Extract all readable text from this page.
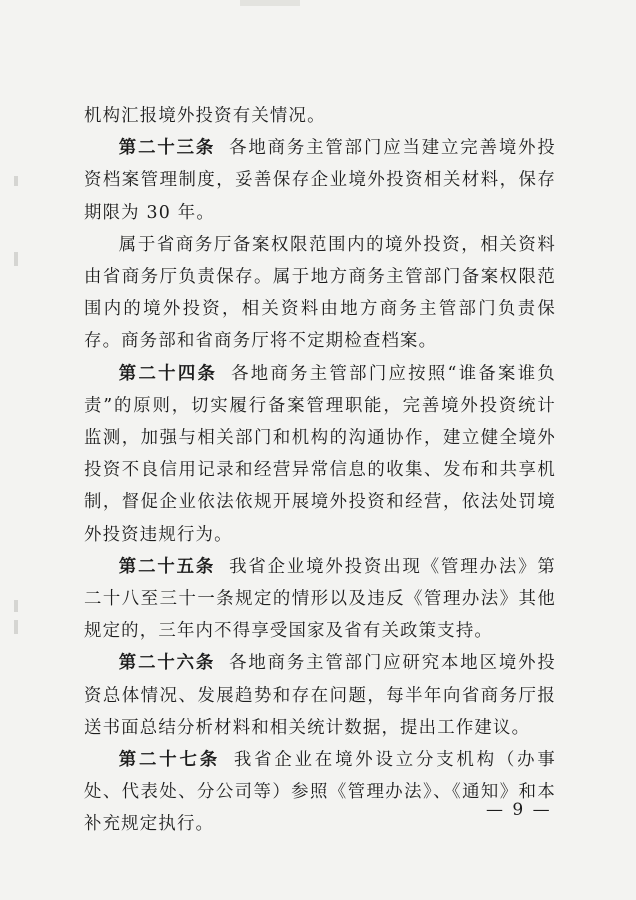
机构汇报境外投资有关情况。

第二十三条 各地商务主管部门应当建立完善境外投资档案管理制度，妥善保存企业境外投资相关材料，保存期限为 30 年。

属于省商务厅备案权限范围内的境外投资，相关资料由省商务厅负责保存。属于地方商务主管部门备案权限范围内的境外投资，相关资料由地方商务主管部门负责保存。商务部和省商务厅将不定期检查档案。

第二十四条 各地商务主管部门应按照“谁备案谁负责”的原则，切实履行备案管理职能，完善境外投资统计监测，加强与相关部门和机构的沟通协作，建立健全境外投资不良信用记录和经营异常信息的收集、发布和共享机制，督促企业依法依规开展境外投资和经营，依法处罚境外投资违规行为。

第二十五条 我省企业境外投资出现《管理办法》第二十八至三十一条规定的情形以及违反《管理办法》其他规定的，三年内不得享受国家及省有关政策支持。

第二十六条 各地商务主管部门应研究本地区境外投资总体情况、发展趋势和存在问题，每半年向省商务厅报送书面总结分析材料和相关统计数据，提出工作建议。

第二十七条 我省企业在境外设立分支机构（办事处、代表处、分公司等）参照《管理办法》、《通知》和本补充规定执行。

— 9 —
